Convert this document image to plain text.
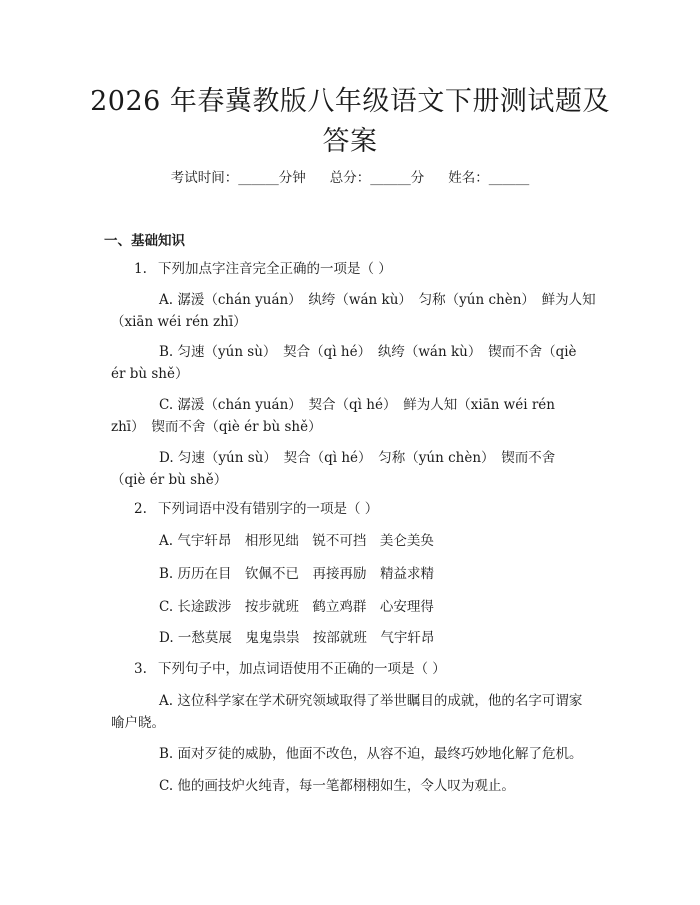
2026 年春冀教版八年级语文下册测试题及答案
考试时间：______分钟 总分：______分 姓名：______
一、基础知识
1. 下列加点字注音完全正确的一项是（ ）
A. 潺湲（chán yuán）　纨绔（wán kù）　匀称（yún chèn）　鲜为人知
（xiān wéi rén zhī）
B. 匀速（yún sù）　契合（qì hé）　纨绔（wán kù）　锲而不舍（qiè
ér bù shě）
C. 潺湲（chán yuán）　契合（qì hé）　鲜为人知（xiān wéi rén
zhī）　锲而不舍（qiè ér bù shě）
D. 匀速（yún sù）　契合（qì hé）　匀称（yún chèn）　锲而不舍
（qiè ér bù shě）
2. 下列词语中没有错别字的一项是（ ）
A. 气宇轩昂　相形见绌　锐不可挡　美仑美奂
B. 历历在目　钦佩不已　再接再励　精益求精
C. 长途跋涉　按步就班　鹤立鸡群　心安理得
D. 一愁莫展　鬼鬼祟祟　按部就班　气宇轩昂
3. 下列句子中，加点词语使用不正确的一项是（ ）
A. 这位科学家在学术研究领域取得了举世瞩目的成就，他的名字可谓家
喻户晓。
B. 面对歹徒的威胁，他面不改色，从容不迫，最终巧妙地化解了危机。
C. 他的画技炉火纯青，每一笔都栩栩如生，令人叹为观止。
